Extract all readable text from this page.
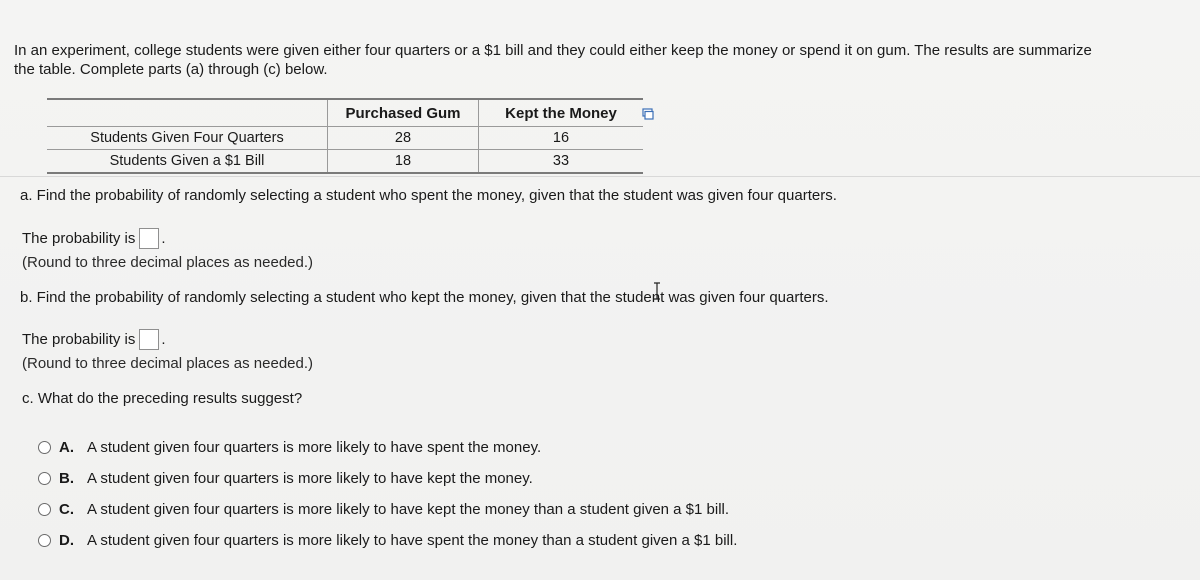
In an experiment, college students were given either four quarters or a $1 bill and they could either keep the money or spend it on gum. The results are summarize
the table. Complete parts (a) through (c) below.
	Purchased Gum	Kept the Money
Students Given Four Quarters	28	16
Students Given a $1 Bill	18	33
a. Find the probability of randomly selecting a student who spent the money, given that the student was given four quarters.
The probability is .
(Round to three decimal places as needed.)
b. Find the probability of randomly selecting a student who kept the money, given that the student was given four quarters.
The probability is .
(Round to three decimal places as needed.)
c. What do the preceding results suggest?
A. A student given four quarters is more likely to have spent the money.
B. A student given four quarters is more likely to have kept the money.
C. A student given four quarters is more likely to have kept the money than a student given a $1 bill.
D. A student given four quarters is more likely to have spent the money than a student given a $1 bill.
